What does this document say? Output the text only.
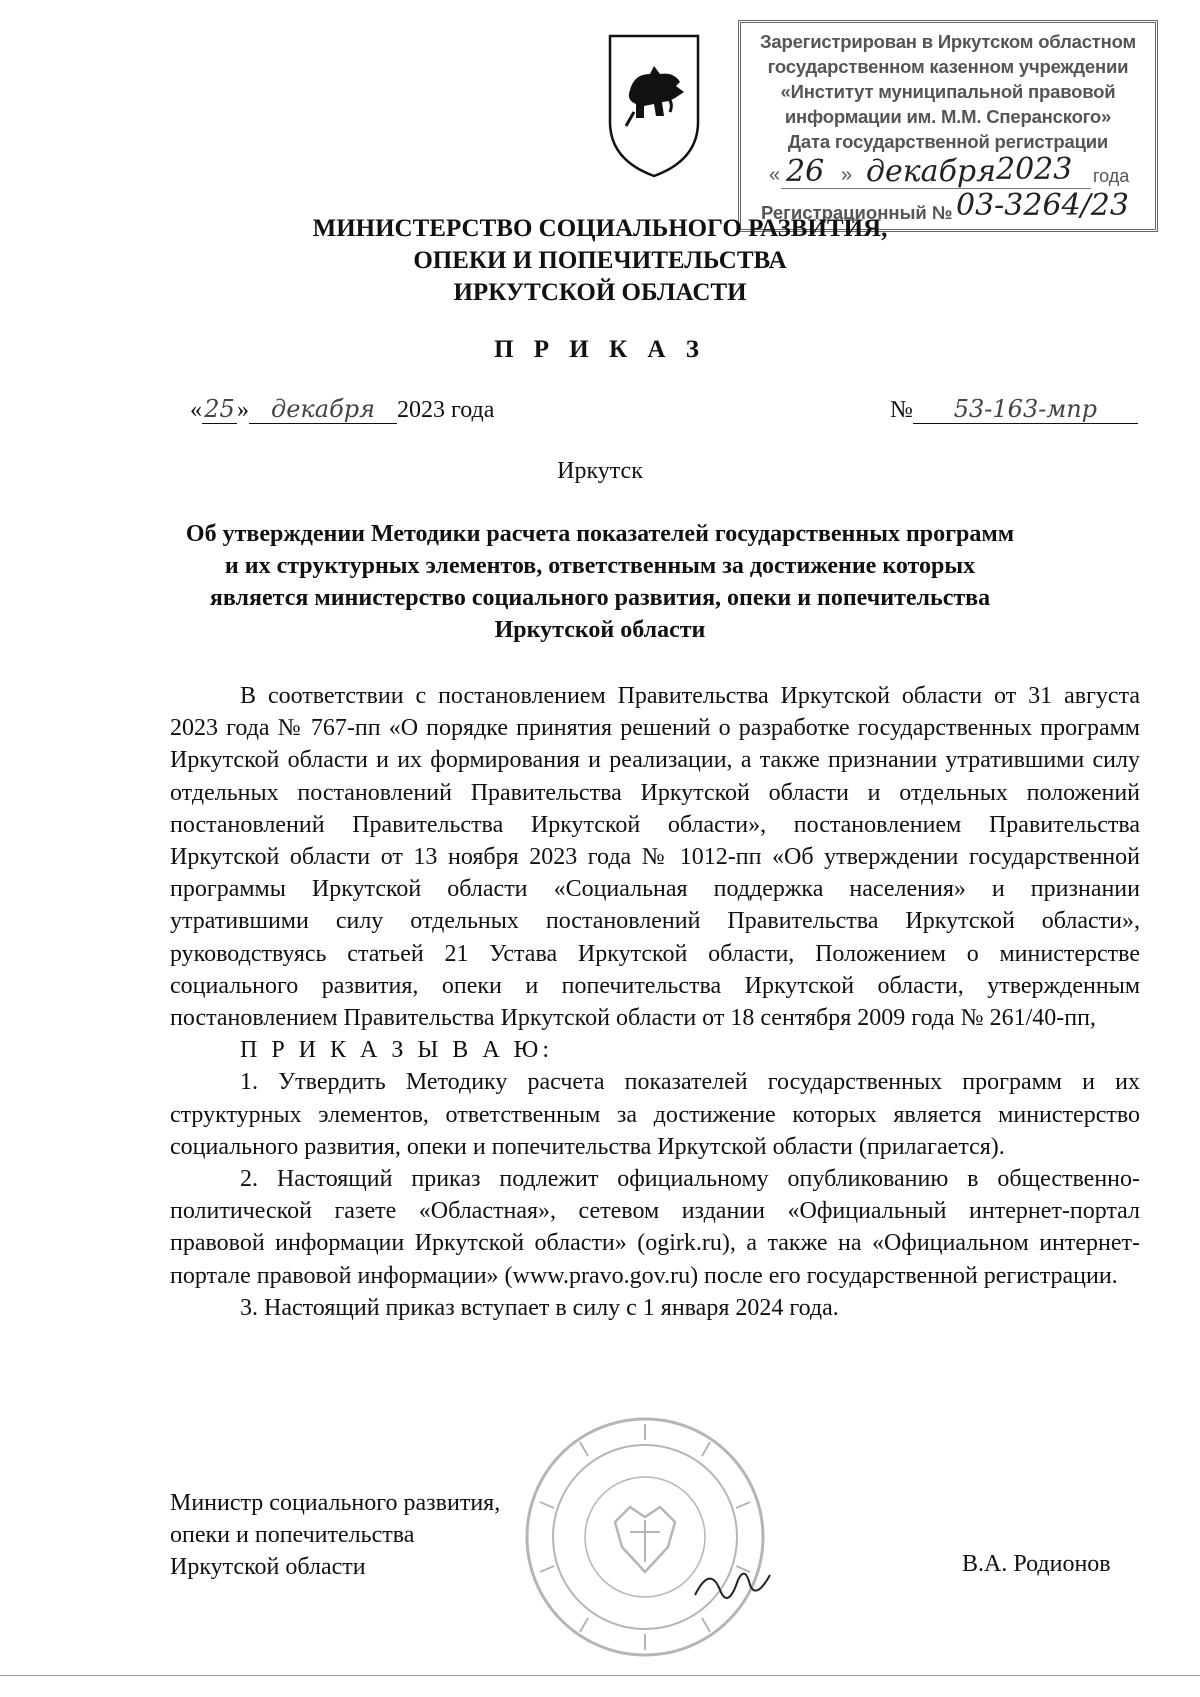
Зарегистрирован в Иркутском областном
государственном казенном учреждении
«Институт муниципальной правовой
информации им. М.М. Сперанского»
Дата государственной регистрации
« 26 » декабря 2023 года
Регистрационный № 03-3264/23
МИНИСТЕРСТВО СОЦИАЛЬНОГО РАЗВИТИЯ,
ОПЕКИ И ПОПЕЧИТЕЛЬСТВА
ИРКУТСКОЙ ОБЛАСТИ
П Р И К А З
«25» декабря 2023 года	№ 53-163-мпр
Иркутск
Об утверждении Методики расчета показателей государственных программ и их структурных элементов, ответственным за достижение которых является министерство социального развития, опеки и попечительства Иркутской области

В соответствии с постановлением Правительства Иркутской области от 31 августа 2023 года № 767-пп «О порядке принятия решений о разработке государственных программ Иркутской области и их формирования и реализации, а также признании утратившими силу отдельных постановлений Правительства Иркутской области и отдельных положений постановлений Правительства Иркутской области», постановлением Правительства Иркутской области от 13 ноября 2023 года № 1012-пп «Об утверждении государственной программы Иркутской области «Социальная поддержка населения» и признании утратившими силу отдельных постановлений Правительства Иркутской области», руководствуясь статьей 21 Устава Иркутской области, Положением о министерстве социального развития, опеки и попечительства Иркутской области, утвержденным постановлением Правительства Иркутской области от 18 сентября 2009 года № 261/40-пп,

П Р И К А З Ы В А Ю:

1. Утвердить Методику расчета показателей государственных программ и их структурных элементов, ответственным за достижение которых является министерство социального развития, опеки и попечительства Иркутской области (прилагается).

2. Настоящий приказ подлежит официальному опубликованию в общественно-политической газете «Областная», сетевом издании «Официальный интернет-портал правовой информации Иркутской области» (ogirk.ru), а также на «Официальном интернет-портале правовой информации» (www.pravo.gov.ru) после его государственной регистрации.

3. Настоящий приказ вступает в силу с 1 января 2024 года.

Министр социального развития,
опеки и попечительства
Иркутской области	В.А. Родионов
